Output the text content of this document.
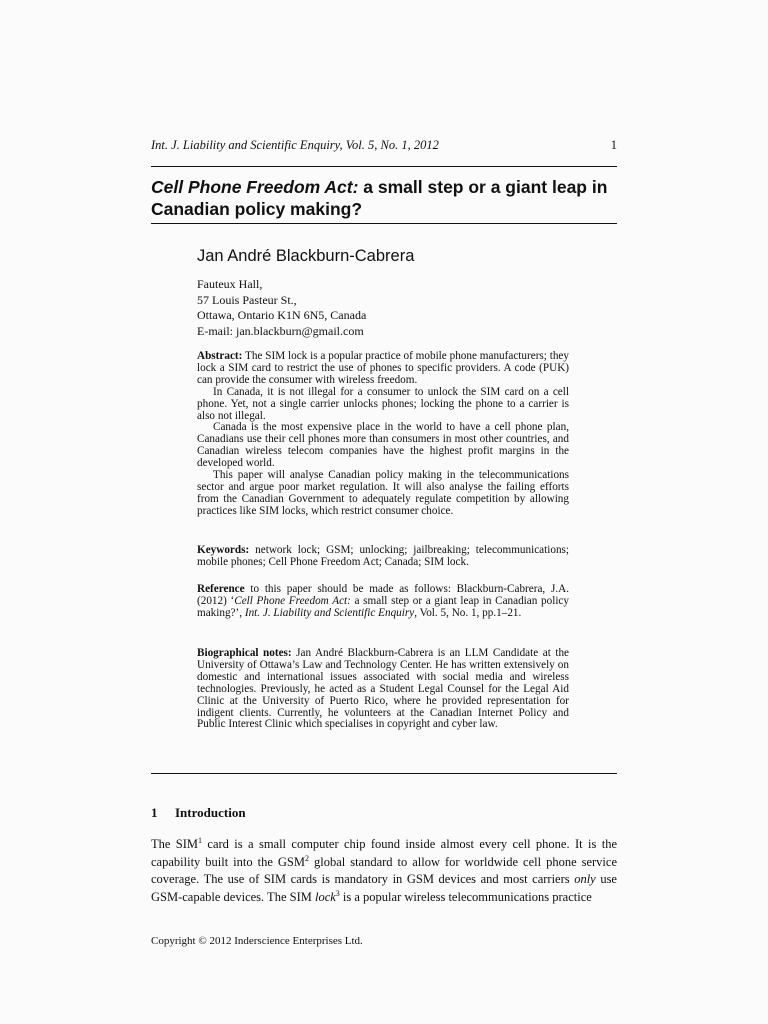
Int. J. Liability and Scientific Enquiry, Vol. 5, No. 1, 2012	1
Cell Phone Freedom Act: a small step or a giant leap in Canadian policy making?
Jan André Blackburn-Cabrera
Fauteux Hall,
57 Louis Pasteur St.,
Ottawa, Ontario K1N 6N5, Canada
E-mail: jan.blackburn@gmail.com

Abstract: The SIM lock is a popular practice of mobile phone manufacturers; they lock a SIM card to restrict the use of phones to specific providers. A code (PUK) can provide the consumer with wireless freedom.

In Canada, it is not illegal for a consumer to unlock the SIM card on a cell phone. Yet, not a single carrier unlocks phones; locking the phone to a carrier is also not illegal.

Canada is the most expensive place in the world to have a cell phone plan, Canadians use their cell phones more than consumers in most other countries, and Canadian wireless telecom companies have the highest profit margins in the developed world.

This paper will analyse Canadian policy making in the telecommunications sector and argue poor market regulation. It will also analyse the failing efforts from the Canadian Government to adequately regulate competition by allowing practices like SIM locks, which restrict consumer choice.

Keywords: network lock; GSM; unlocking; jailbreaking; telecommunications; mobile phones; Cell Phone Freedom Act; Canada; SIM lock.

Reference to this paper should be made as follows: Blackburn-Cabrera, J.A. (2012) ‘Cell Phone Freedom Act: a small step or a giant leap in Canadian policy making?’, Int. J. Liability and Scientific Enquiry, Vol. 5, No. 1, pp.1–21.

Biographical notes: Jan André Blackburn-Cabrera is an LLM Candidate at the University of Ottawa’s Law and Technology Center. He has written extensively on domestic and international issues associated with social media and wireless technologies. Previously, he acted as a Student Legal Counsel for the Legal Aid Clinic at the University of Puerto Rico, where he provided representation for indigent clients. Currently, he volunteers at the Canadian Internet Policy and Public Interest Clinic which specialises in copyright and cyber law.

1 Introduction
The SIM$^1$ card is a small computer chip found inside almost every cell phone. It is the capability built into the GSM$^2$ global standard to allow for worldwide cell phone service coverage. The use of SIM cards is mandatory in GSM devices and most carriers only use GSM-capable devices. The SIM lock$^3$ is a popular wireless telecommunications practice
Copyright © 2012 Inderscience Enterprises Ltd.
